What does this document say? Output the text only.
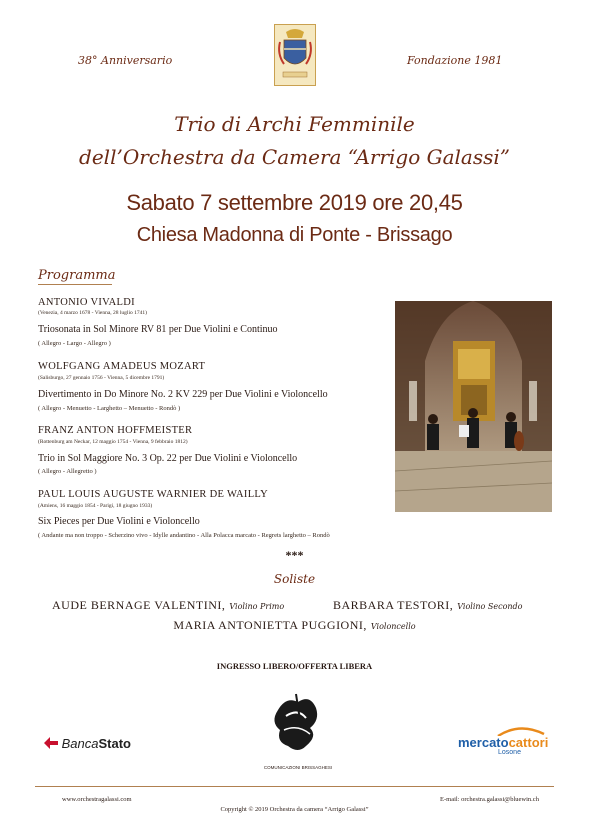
38° Anniversario	Fondazione 1981
Trio di Archi Femminile
dell’Orchestra da Camera “Arrigo Galassi”
Sabato 7 settembre 2019 ore 20,45
Chiesa Madonna di Ponte - Brissago
Programma
ANTONIO VIVALDI
(Venezia, 4 marzo 1678 - Vienna, 28 luglio 1741)
Triosonata in Sol Minore RV 81 per Due Violini e Continuo
( Allegro - Largo - Allegro )
WOLFGANG AMADEUS MOZART
(Salisburgo, 27 gennaio 1756 - Vienna, 5 dicembre 1791)
Divertimento in Do Minore No. 2 KV 229 per Due Violini e Violoncello
( Allegro - Menuetto - Larghetto – Menuetto - Rondò )
FRANZ ANTON HOFFMEISTER
(Rottenburg am Neckar, 12 maggio 1754 - Vienna, 9 febbraio 1812)
Trio in Sol Maggiore No. 3 Op. 22 per Due Violini e Violoncello
( Allegro - Allegretto )
PAUL LOUIS AUGUSTE WARNIER DE WAILLY
(Amiens, 16 maggio 1854 - Parigi, 18 giugno 1933)
Six Pieces per Due Violini e Violoncello
( Andante ma non troppo - Scherzino vivo - Idylle andantino - Alla Polacca marcato - Regrets larghetto – Rondò
***
Soliste
AUDE BERNAGE VALENTINI, Violino Primo	BARBARA TESTORI, Violino Secondo
MARIA ANTONIETTA PUGGIONI, Violoncello
INGRESSO LIBERO/OFFERTA LIBERA
BancaStato
COMUNICAZIONI BRISSAGHESI
mercatocattori
Losone
www.orchestragalassi.com	E-mail: orchestra.galassi@bluewin.ch
Copyright © 2019 Orchestra da camera “Arrigo Galassi”
